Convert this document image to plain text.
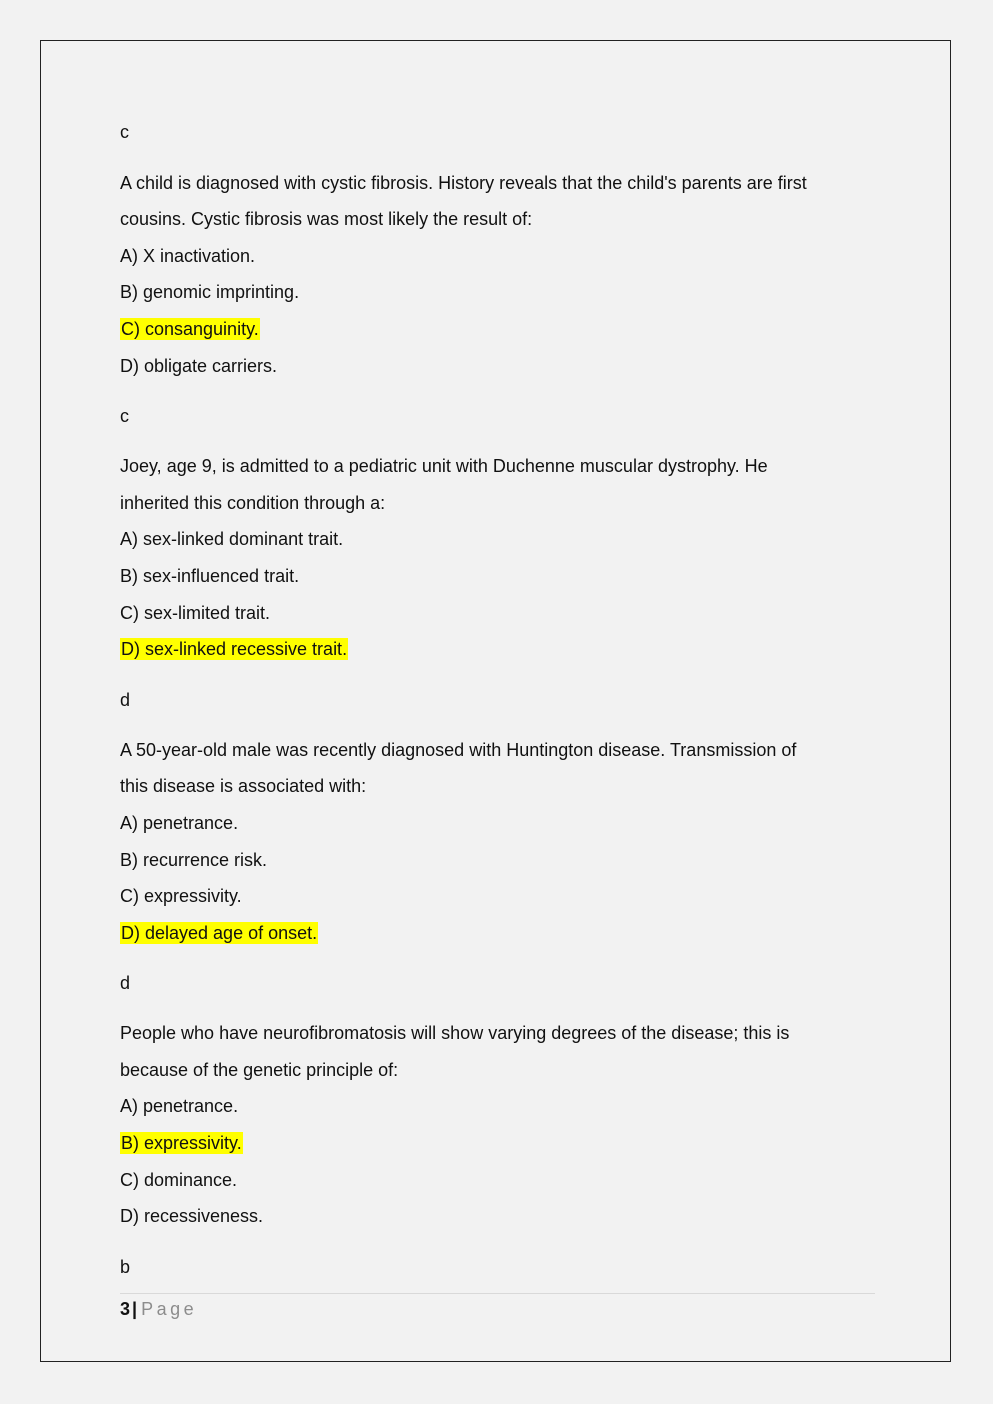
c
A child is diagnosed with cystic fibrosis. History reveals that the child's parents are first
cousins. Cystic fibrosis was most likely the result of:
A) X inactivation.
B) genomic imprinting.
C) consanguinity.
D) obligate carriers.
c
Joey, age 9, is admitted to a pediatric unit with Duchenne muscular dystrophy. He
inherited this condition through a:
A) sex-linked dominant trait.
B) sex-influenced trait.
C) sex-limited trait.
D) sex-linked recessive trait.
d
A 50-year-old male was recently diagnosed with Huntington disease. Transmission of
this disease is associated with:
A) penetrance.
B) recurrence risk.
C) expressivity.
D) delayed age of onset.
d
People who have neurofibromatosis will show varying degrees of the disease; this is
because of the genetic principle of:
A) penetrance.
B) expressivity.
C) dominance.
D) recessiveness.
b
3 | Page
